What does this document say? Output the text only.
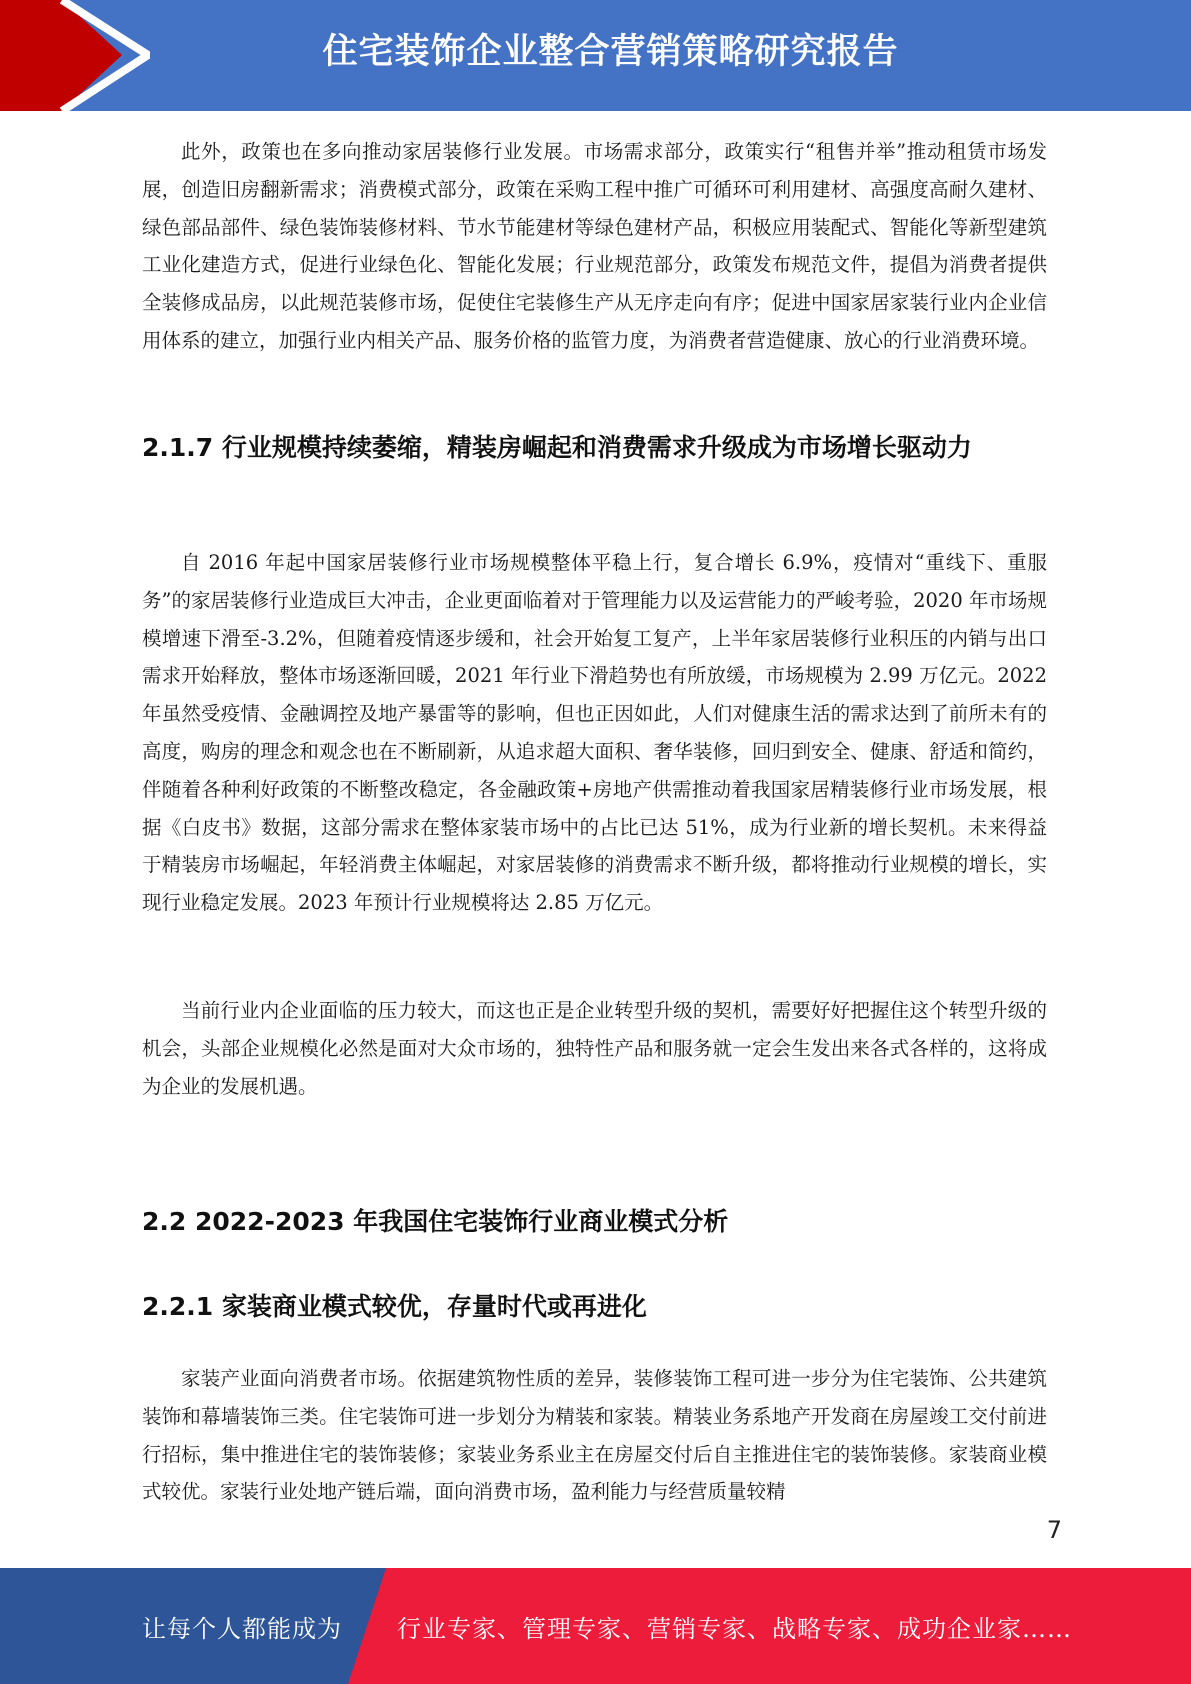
住宅装饰企业整合营销策略研究报告

此外，政策也在多向推动家居装修行业发展。市场需求部分，政策实行“租售并举”推动租赁市场发展，创造旧房翻新需求；消费模式部分，政策在采购工程中推广可循环可利用建材、高强度高耐久建材、绿色部品部件、绿色装饰装修材料、节水节能建材等绿色建材产品，积极应用装配式、智能化等新型建筑工业化建造方式，促进行业绿色化、智能化发展；行业规范部分，政策发布规范文件，提倡为消费者提供全装修成品房，以此规范装修市场，促使住宅装修生产从无序走向有序；促进中国家居家装行业内企业信用体系的建立，加强行业内相关产品、服务价格的监管力度，为消费者营造健康、放心的行业消费环境。

2.1.7 行业规模持续萎缩，精装房崛起和消费需求升级成为市场增长驱动力

自 2016 年起中国家居装修行业市场规模整体平稳上行，复合增长 6.9%，疫情对“重线下、重服务”的家居装修行业造成巨大冲击，企业更面临着对于管理能力以及运营能力的严峻考验，2020 年市场规模增速下滑至-3.2%，但随着疫情逐步缓和，社会开始复工复产，上半年家居装修行业积压的内销与出口需求开始释放，整体市场逐渐回暖，2021 年行业下滑趋势也有所放缓，市场规模为 2.99 万亿元。2022 年虽然受疫情、金融调控及地产暴雷等的影响，但也正因如此，人们对健康生活的需求达到了前所未有的高度，购房的理念和观念也在不断刷新，从追求超大面积、奢华装修，回归到安全、健康、舒适和简约，伴随着各种利好政策的不断整改稳定，各金融政策+房地产供需推动着我国家居精装修行业市场发展，根据《白皮书》数据，这部分需求在整体家装市场中的占比已达 51%，成为行业新的增长契机。未来得益于精装房市场崛起，年轻消费主体崛起，对家居装修的消费需求不断升级，都将推动行业规模的增长，实现行业稳定发展。2023 年预计行业规模将达 2.85 万亿元。

当前行业内企业面临的压力较大，而这也正是企业转型升级的契机，需要好好把握住这个转型升级的机会，头部企业规模化必然是面对大众市场的，独特性产品和服务就一定会生发出来各式各样的，这将成为企业的发展机遇。

2.2 2022-2023 年我国住宅装饰行业商业模式分析
2.2.1 家装商业模式较优，存量时代或再进化

家装产业面向消费者市场。依据建筑物性质的差异，装修装饰工程可进一步分为住宅装饰、公共建筑装饰和幕墙装饰三类。住宅装饰可进一步划分为精装和家装。精装业务系地产开发商在房屋竣工交付前进行招标，集中推进住宅的装饰装修；家装业务系业主在房屋交付后自主推进住宅的装饰装修。家装商业模式较优。家装行业处地产链后端，面向消费市场，盈利能力与经营质量较精

7
让每个人都能成为 行业专家、管理专家、营销专家、战略专家、成功企业家……
